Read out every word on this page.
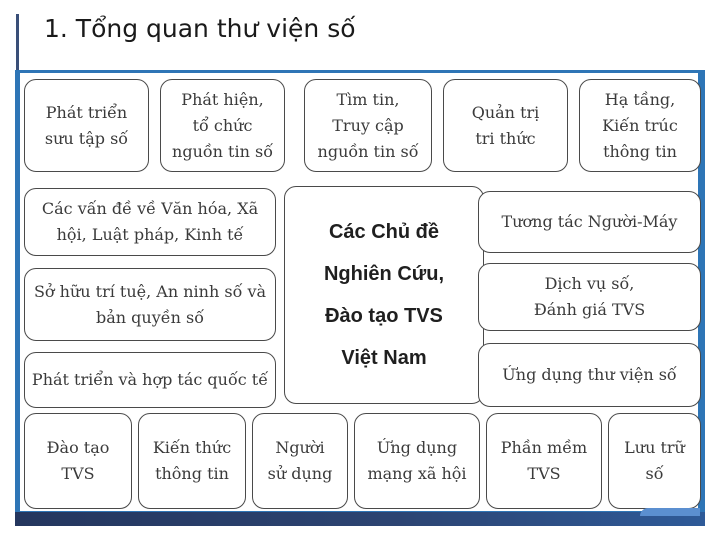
1. Tổng quan thư viện số
Phát triển
sưu tập số
Phát hiện,
tổ chức
nguồn tin số
Tìm tin,
Truy cập
nguồn tin số
Quản trị
tri thức
Hạ tầng,
Kiến trúc
thông tin
Các vấn đề về Văn hóa, Xã
hội, Luật pháp, Kinh tế
Sở hữu trí tuệ, An ninh số và
bản quyền số
Phát triển và hợp tác quốc tế
Các Chủ đề
Nghiên Cứu,
Đào tạo TVS
Việt Nam
Tương tác Người-Máy
Dịch vụ số,
Đánh giá TVS
Ứng dụng thư viện số
Đào tạo
TVS
Kiến thức
thông tin
Người
sử dụng
Ứng dụng
mạng xã hội
Phần mềm
TVS
Lưu trữ
số
